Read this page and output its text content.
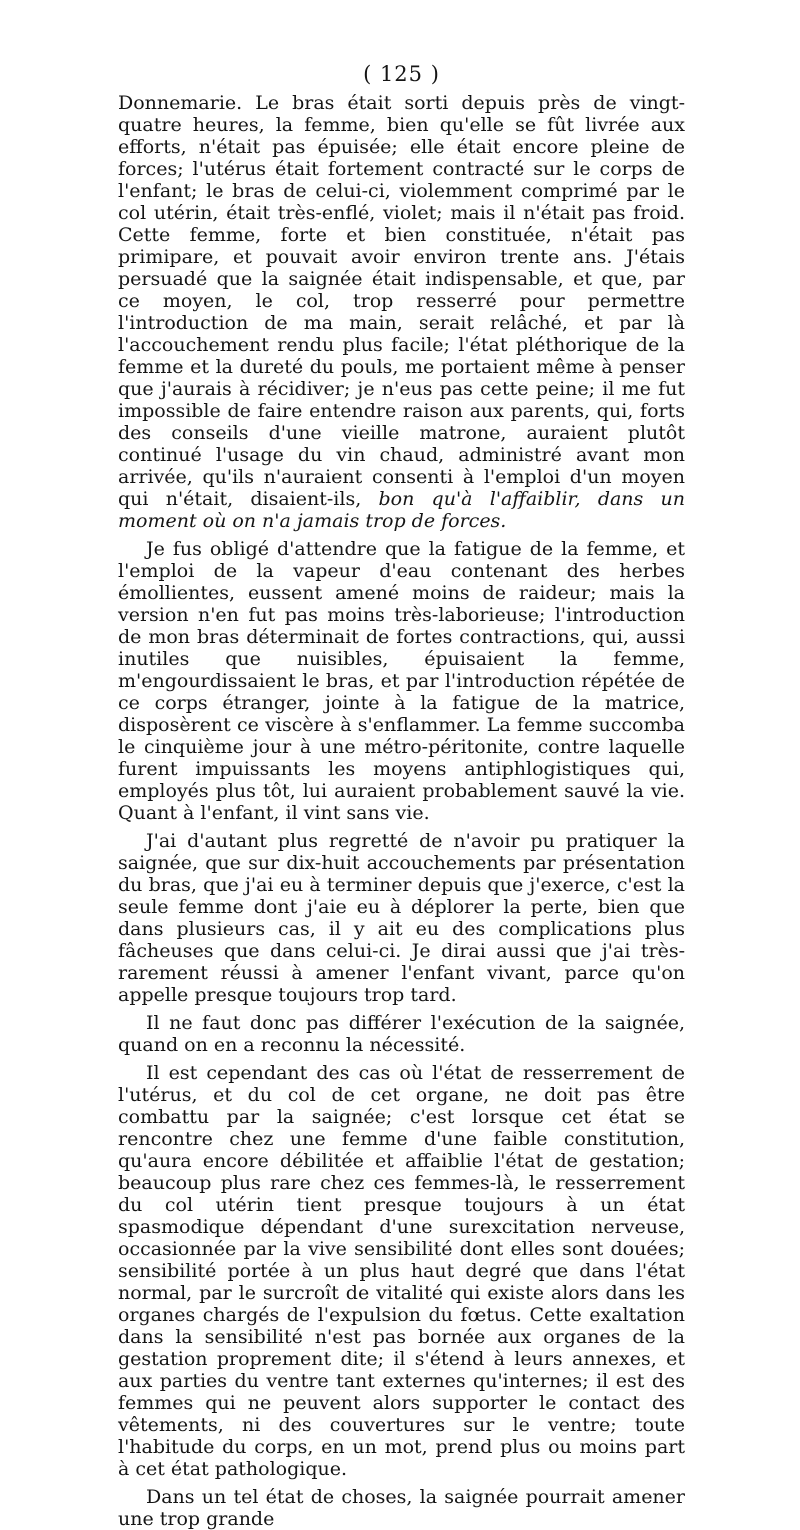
( 125 )

Donnemarie. Le bras était sorti depuis près de vingt-quatre heures, la femme, bien qu'elle se fût livrée aux efforts, n'était pas épuisée; elle était encore pleine de forces; l'utérus était fortement contracté sur le corps de l'enfant; le bras de celui-ci, violemment comprimé par le col utérin, était très-enflé, violet; mais il n'était pas froid. Cette femme, forte et bien constituée, n'était pas primipare, et pouvait avoir environ trente ans. J'étais persuadé que la saignée était indispensable, et que, par ce moyen, le col, trop resserré pour permettre l'introduction de ma main, serait relâché, et par là l'accouchement rendu plus facile; l'état pléthorique de la femme et la dureté du pouls, me portaient même à penser que j'aurais à récidiver; je n'eus pas cette peine; il me fut impossible de faire entendre raison aux parents, qui, forts des conseils d'une vieille matrone, auraient plutôt continué l'usage du vin chaud, administré avant mon arrivée, qu'ils n'auraient consenti à l'emploi d'un moyen qui n'était, disaient-ils, bon qu'à l'affaiblir, dans un moment où on n'a jamais trop de forces.

Je fus obligé d'attendre que la fatigue de la femme, et l'emploi de la vapeur d'eau contenant des herbes émollientes, eussent amené moins de raideur; mais la version n'en fut pas moins très-laborieuse; l'introduction de mon bras déterminait de fortes contractions, qui, aussi inutiles que nuisibles, épuisaient la femme, m'engourdissaient le bras, et par l'introduction répétée de ce corps étranger, jointe à la fatigue de la matrice, disposèrent ce viscère à s'enflammer. La femme succomba le cinquième jour à une métro-péritonite, contre laquelle furent impuissants les moyens antiphlogistiques qui, employés plus tôt, lui auraient probablement sauvé la vie. Quant à l'enfant, il vint sans vie.

J'ai d'autant plus regretté de n'avoir pu pratiquer la saignée, que sur dix-huit accouchements par présentation du bras, que j'ai eu à terminer depuis que j'exerce, c'est la seule femme dont j'aie eu à déplorer la perte, bien que dans plusieurs cas, il y ait eu des complications plus fâcheuses que dans celui-ci. Je dirai aussi que j'ai très-rarement réussi à amener l'enfant vivant, parce qu'on appelle presque toujours trop tard.

Il ne faut donc pas différer l'exécution de la saignée, quand on en a reconnu la nécessité.

Il est cependant des cas où l'état de resserrement de l'utérus, et du col de cet organe, ne doit pas être combattu par la saignée; c'est lorsque cet état se rencontre chez une femme d'une faible constitution, qu'aura encore débilitée et affaiblie l'état de gestation; beaucoup plus rare chez ces femmes-là, le resserrement du col utérin tient presque toujours à un état spasmodique dépendant d'une surexcitation nerveuse, occasionnée par la vive sensibilité dont elles sont douées; sensibilité portée à un plus haut degré que dans l'état normal, par le surcroît de vitalité qui existe alors dans les organes chargés de l'expulsion du fœtus. Cette exaltation dans la sensibilité n'est pas bornée aux organes de la gestation proprement dite; il s'étend à leurs annexes, et aux parties du ventre tant externes qu'internes; il est des femmes qui ne peuvent alors supporter le contact des vêtements, ni des couvertures sur le ventre; toute l'habitude du corps, en un mot, prend plus ou moins part à cet état pathologique.

Dans un tel état de choses, la saignée pourrait amener une trop grande
